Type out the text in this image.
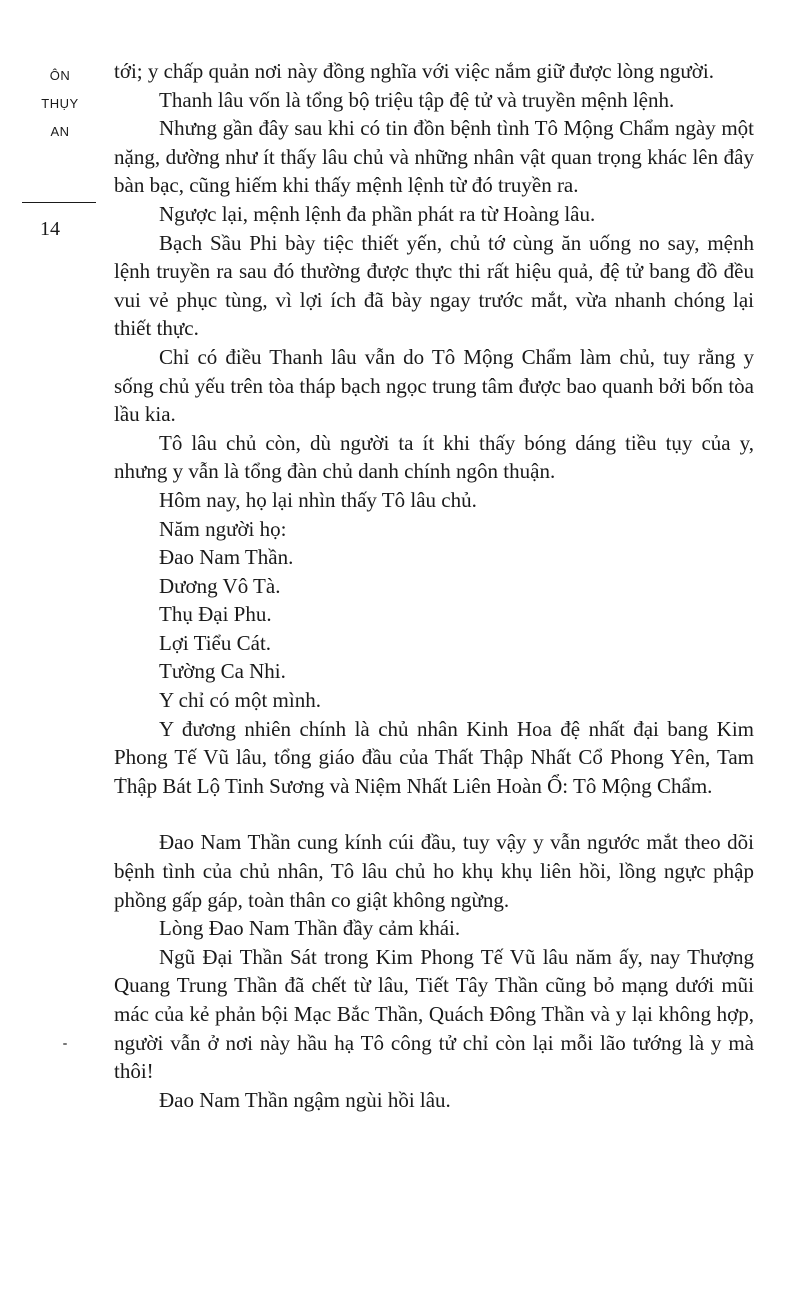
ÔN
THỤY
AN
14

tới; y chấp quản nơi này đồng nghĩa với việc nắm giữ được lòng người.

Thanh lâu vốn là tổng bộ triệu tập đệ tử và truyền mệnh lệnh.

Nhưng gần đây sau khi có tin đồn bệnh tình Tô Mộng Chẩm ngày một nặng, dường như ít thấy lâu chủ và những nhân vật quan trọng khác lên đây bàn bạc, cũng hiếm khi thấy mệnh lệnh từ đó truyền ra.

Ngược lại, mệnh lệnh đa phần phát ra từ Hoàng lâu.

Bạch Sầu Phi bày tiệc thiết yến, chủ tớ cùng ăn uống no say, mệnh lệnh truyền ra sau đó thường được thực thi rất hiệu quả, đệ tử bang đồ đều vui vẻ phục tùng, vì lợi ích đã bày ngay trước mắt, vừa nhanh chóng lại thiết thực.

Chỉ có điều Thanh lâu vẫn do Tô Mộng Chẩm làm chủ, tuy rằng y sống chủ yếu trên tòa tháp bạch ngọc trung tâm được bao quanh bởi bốn tòa lầu kia.

Tô lâu chủ còn, dù người ta ít khi thấy bóng dáng tiều tụy của y, nhưng y vẫn là tổng đàn chủ danh chính ngôn thuận.

Hôm nay, họ lại nhìn thấy Tô lâu chủ.

Năm người họ:

Đao Nam Thần.

Dương Vô Tà.

Thụ Đại Phu.

Lợi Tiểu Cát.

Tường Ca Nhi.

Y chỉ có một mình.

Y đương nhiên chính là chủ nhân Kinh Hoa đệ nhất đại bang Kim Phong Tế Vũ lâu, tổng giáo đầu của Thất Thập Nhất Cổ Phong Yên, Tam Thập Bát Lộ Tinh Sương và Niệm Nhất Liên Hoàn Ổ: Tô Mộng Chẩm.

Đao Nam Thần cung kính cúi đầu, tuy vậy y vẫn ngước mắt theo dõi bệnh tình của chủ nhân, Tô lâu chủ ho khụ khụ liên hồi, lồng ngực phập phồng gấp gáp, toàn thân co giật không ngừng.

Lòng Đao Nam Thần đầy cảm khái.

Ngũ Đại Thần Sát trong Kim Phong Tế Vũ lâu năm ấy, nay Thượng Quang Trung Thần đã chết từ lâu, Tiết Tây Thần cũng bỏ mạng dưới mũi mác của kẻ phản bội Mạc Bắc Thần, Quách Đông Thần và y lại không hợp, người vẫn ở nơi này hầu hạ Tô công tử chỉ còn lại mỗi lão tướng là y mà thôi!

Đao Nam Thần ngậm ngùi hồi lâu.
